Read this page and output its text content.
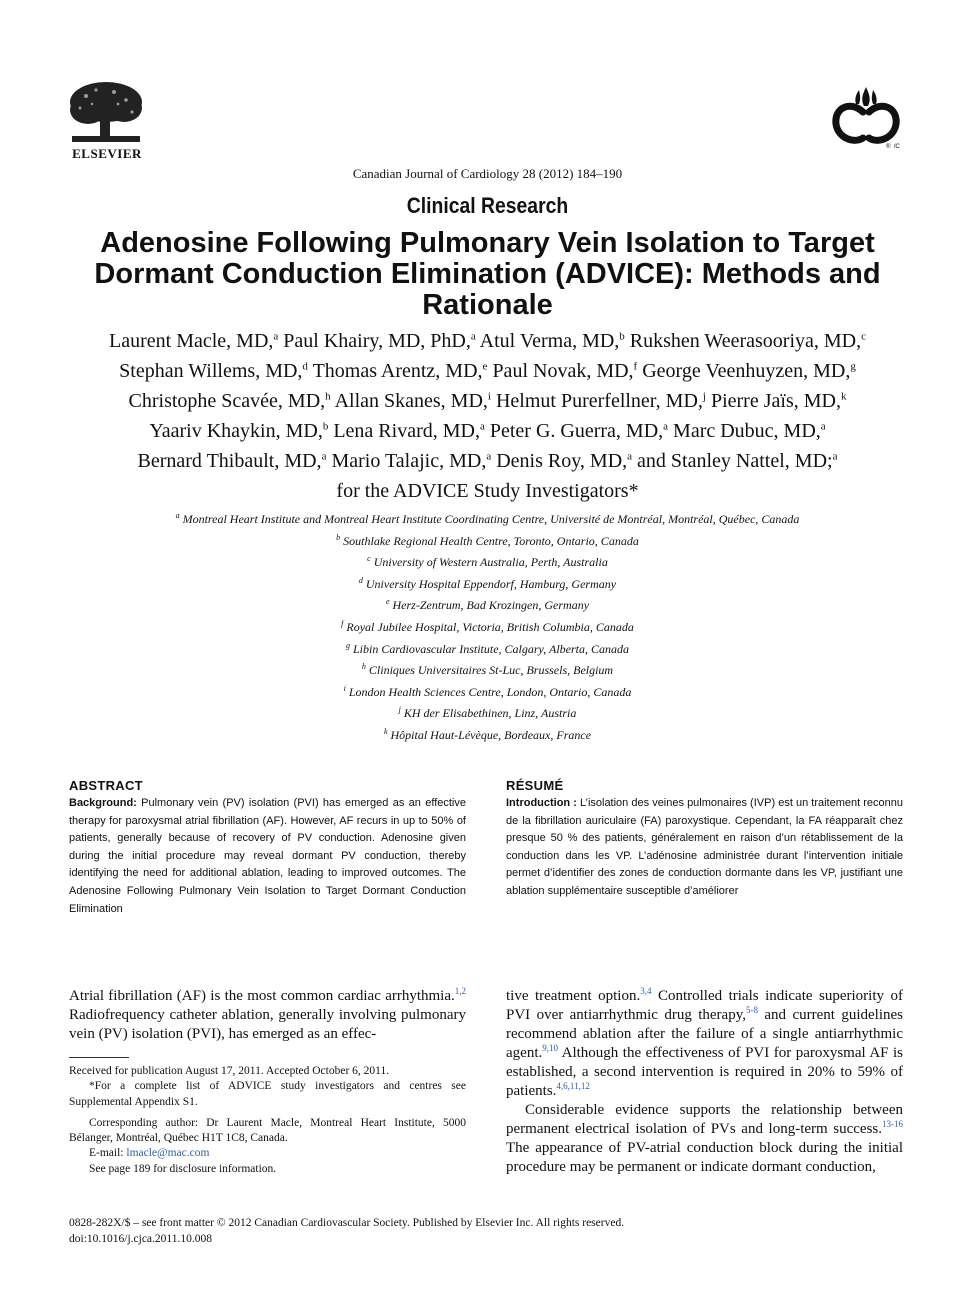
ELSEVIER	®  /C
Canadian Journal of Cardiology 28 (2012) 184–190
Clinical Research
Adenosine Following Pulmonary Vein Isolation to Target Dormant Conduction Elimination (ADVICE): Methods and Rationale
Laurent Macle, MD,$^a$ Paul Khairy, MD, PhD,$^a$ Atul Verma, MD,$^b$ Rukshen Weerasooriya, MD,$^c$
Stephan Willems, MD,$^d$ Thomas Arentz, MD,$^e$ Paul Novak, MD,$^f$ George Veenhuyzen, MD,$^g$
Christophe Scavée, MD,$^h$ Allan Skanes, MD,$^i$ Helmut Purerfellner, MD,$^j$ Pierre Jaïs, MD,$^k$
Yaariv Khaykin, MD,$^b$ Lena Rivard, MD,$^a$ Peter G. Guerra, MD,$^a$ Marc Dubuc, MD,$^a$
Bernard Thibault, MD,$^a$ Mario Talajic, MD,$^a$ Denis Roy, MD,$^a$ and Stanley Nattel, MD;$^a$
for the ADVICE Study Investigators*
$^a$ Montreal Heart Institute and Montreal Heart Institute Coordinating Centre, Université de Montréal, Montréal, Québec, Canada
$^b$ Southlake Regional Health Centre, Toronto, Ontario, Canada
$^c$ University of Western Australia, Perth, Australia
$^d$ University Hospital Eppendorf, Hamburg, Germany
$^e$ Herz-Zentrum, Bad Krozingen, Germany
$^f$ Royal Jubilee Hospital, Victoria, British Columbia, Canada
$^g$ Libin Cardiovascular Institute, Calgary, Alberta, Canada
$^h$ Cliniques Universitaires St-Luc, Brussels, Belgium
$^i$ London Health Sciences Centre, London, Ontario, Canada
$^j$ KH der Elisabethinen, Linz, Austria
$^k$ Hôpital Haut-Lévèque, Bordeaux, France
ABSTRACT
Background: Pulmonary vein (PV) isolation (PVI) has emerged as an effective therapy for paroxysmal atrial fibrillation (AF). However, AF recurs in up to 50% of patients, generally because of recovery of PV conduction. Adenosine given during the initial procedure may reveal dormant PV conduction, thereby identifying the need for additional ablation, leading to improved outcomes. The Adenosine Following Pulmonary Vein Isolation to Target Dormant Conduction Elimination
RÉSUMÉ
Introduction : L’isolation des veines pulmonaires (IVP) est un traitement reconnu de la fibrillation auriculaire (FA) paroxystique. Cependant, la FA réapparaît chez presque 50 % des patients, généralement en raison d’un rétablissement de la conduction dans les VP. L’adénosine administrée durant l’intervention initiale permet d’identifier des zones de conduction dormante dans les VP, justifiant une ablation supplémentaire susceptible d’améliorer

Atrial fibrillation (AF) is the most common cardiac arrhythmia.$^{1,2}$ Radiofrequency catheter ablation, generally involving pulmonary vein (PV) isolation (PVI), has emerged as an effec-

Received for publication August 17, 2011. Accepted October 6, 2011.

*For a complete list of ADVICE study investigators and centres see Supplemental Appendix S1.

Corresponding author: Dr Laurent Macle, Montreal Heart Institute, 5000 Bélanger, Montréal, Québec H1T 1C8, Canada.

E-mail: lmacle@mac.com

See page 189 for disclosure information.

tive treatment option.$^{3,4}$ Controlled trials indicate superiority of PVI over antiarrhythmic drug therapy,$^{5-8}$ and current guidelines recommend ablation after the failure of a single antiarrhythmic agent.$^{9,10}$ Although the effectiveness of PVI for paroxysmal AF is established, a second intervention is required in 20% to 59% of patients.$^{4,6,11,12}$

Considerable evidence supports the relationship between permanent electrical isolation of PVs and long-term success.$^{13-16}$ The appearance of PV-atrial conduction block during the initial procedure may be permanent or indicate dormant conduction,

0828-282X/$ – see front matter © 2012 Canadian Cardiovascular Society. Published by Elsevier Inc. All rights reserved.
doi:10.1016/j.cjca.2011.10.008
